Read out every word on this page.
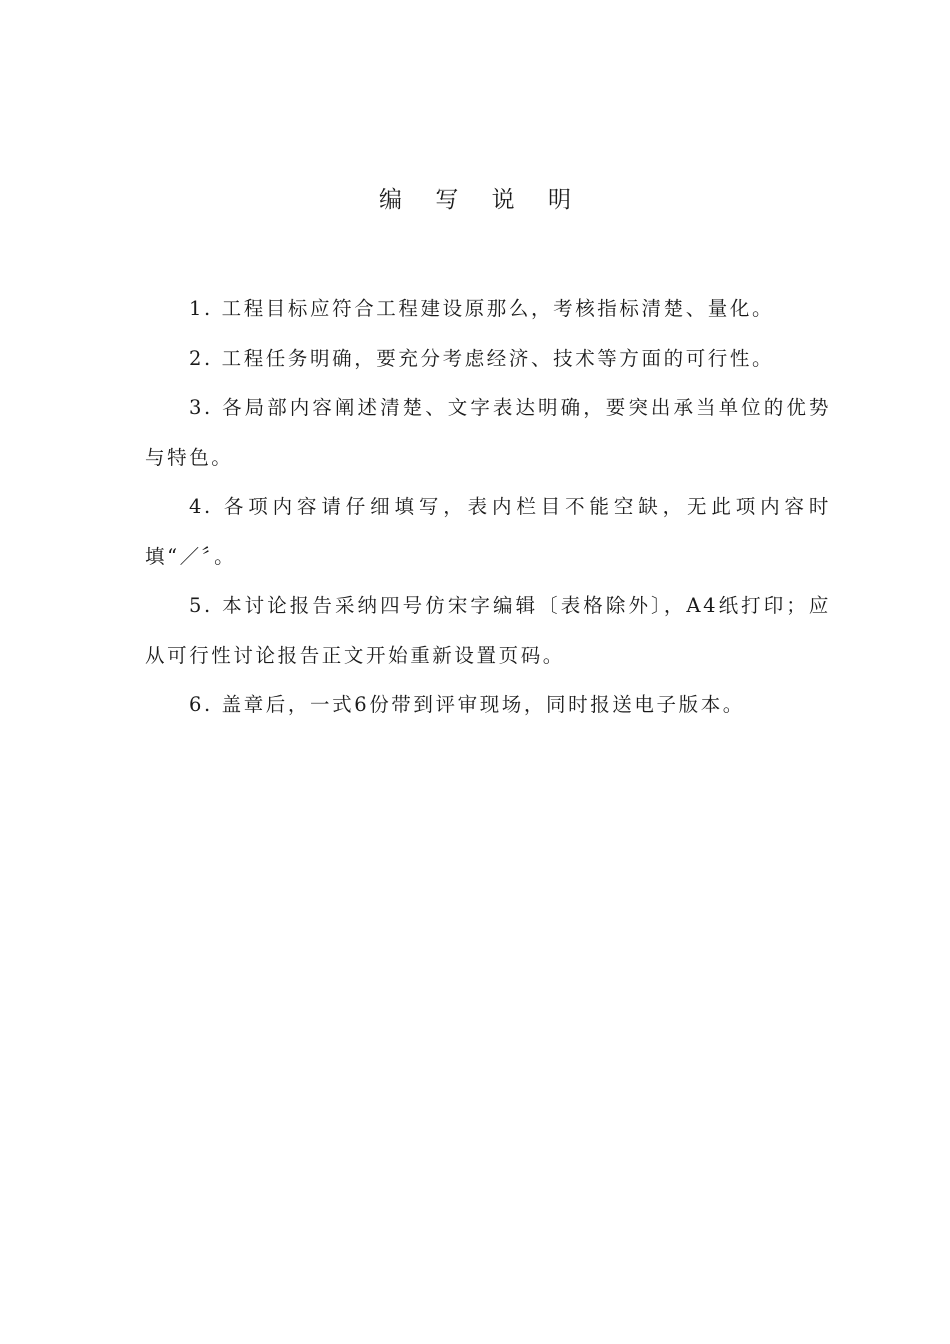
编 写 说 明

1. 工程目标应符合工程建设原那么，考核指标清楚、量化。

2. 工程任务明确，要充分考虑经济、技术等方面的可行性。

3. 各局部内容阐述清楚、文字表达明确，要突出承当单位的优势与特色。

4. 各项内容请仔细填写，表内栏目不能空缺，无此项内容时填“／〞。

5. 本讨论报告采纳四号仿宋字编辑〔表格除外〕，A4纸打印；应从可行性讨论报告正文开始重新设置页码。

6. 盖章后，一式6份带到评审现场，同时报送电子版本。
